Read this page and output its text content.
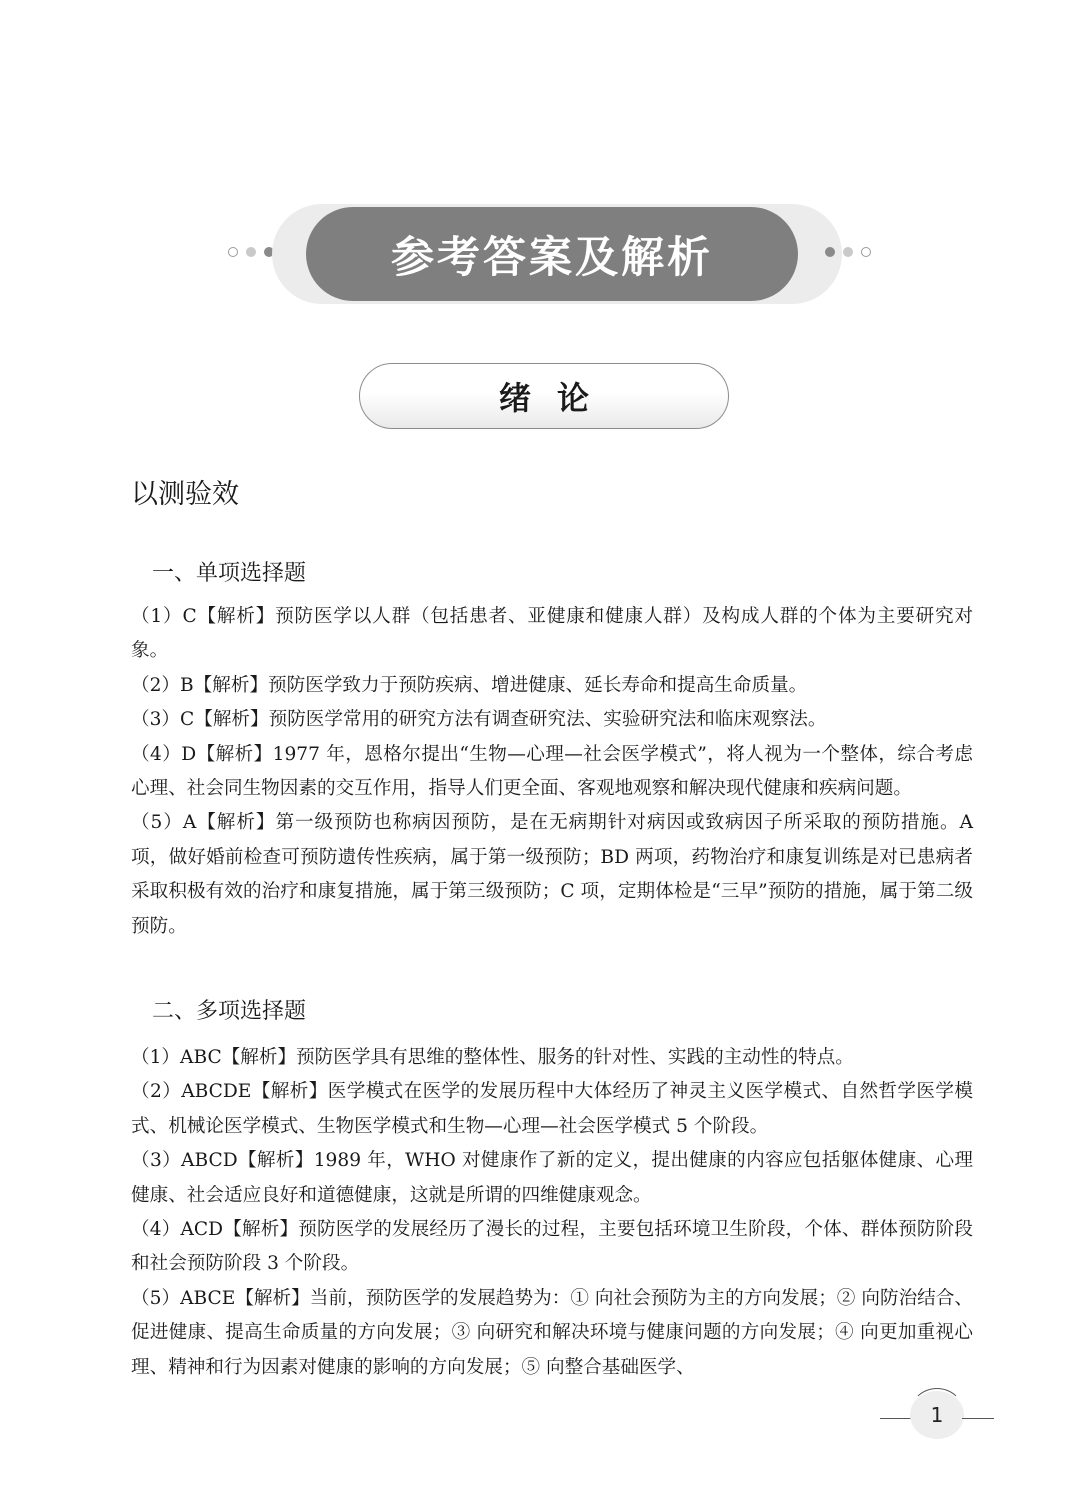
参考答案及解析
绪论
以测验效
一、单项选择题

（1）C【解析】预防医学以人群（包括患者、亚健康和健康人群）及构成人群的个体为主要研究对象。

（2）B【解析】预防医学致力于预防疾病、增进健康、延长寿命和提高生命质量。

（3）C【解析】预防医学常用的研究方法有调查研究法、实验研究法和临床观察法。

（4）D【解析】1977 年，恩格尔提出“生物—心理—社会医学模式”，将人视为一个整体，综合考虑心理、社会同生物因素的交互作用，指导人们更全面、客观地观察和解决现代健康和疾病问题。

（5）A【解析】第一级预防也称病因预防，是在无病期针对病因或致病因子所采取的预防措施。A 项，做好婚前检查可预防遗传性疾病，属于第一级预防；BD 两项，药物治疗和康复训练是对已患病者采取积极有效的治疗和康复措施，属于第三级预防；C 项，定期体检是“三早”预防的措施，属于第二级预防。

二、多项选择题

（1）ABC【解析】预防医学具有思维的整体性、服务的针对性、实践的主动性的特点。

（2）ABCDE【解析】医学模式在医学的发展历程中大体经历了神灵主义医学模式、自然哲学医学模式、机械论医学模式、生物医学模式和生物—心理—社会医学模式 5 个阶段。

（3）ABCD【解析】1989 年，WHO 对健康作了新的定义，提出健康的内容应包括躯体健康、心理健康、社会适应良好和道德健康，这就是所谓的四维健康观念。

（4）ACD【解析】预防医学的发展经历了漫长的过程，主要包括环境卫生阶段，个体、群体预防阶段和社会预防阶段 3 个阶段。

（5）ABCE【解析】当前，预防医学的发展趋势为：① 向社会预防为主的方向发展；② 向防治结合、促进健康、提高生命质量的方向发展；③ 向研究和解决环境与健康问题的方向发展；④ 向更加重视心理、精神和行为因素对健康的影响的方向发展；⑤ 向整合基础医学、

1
